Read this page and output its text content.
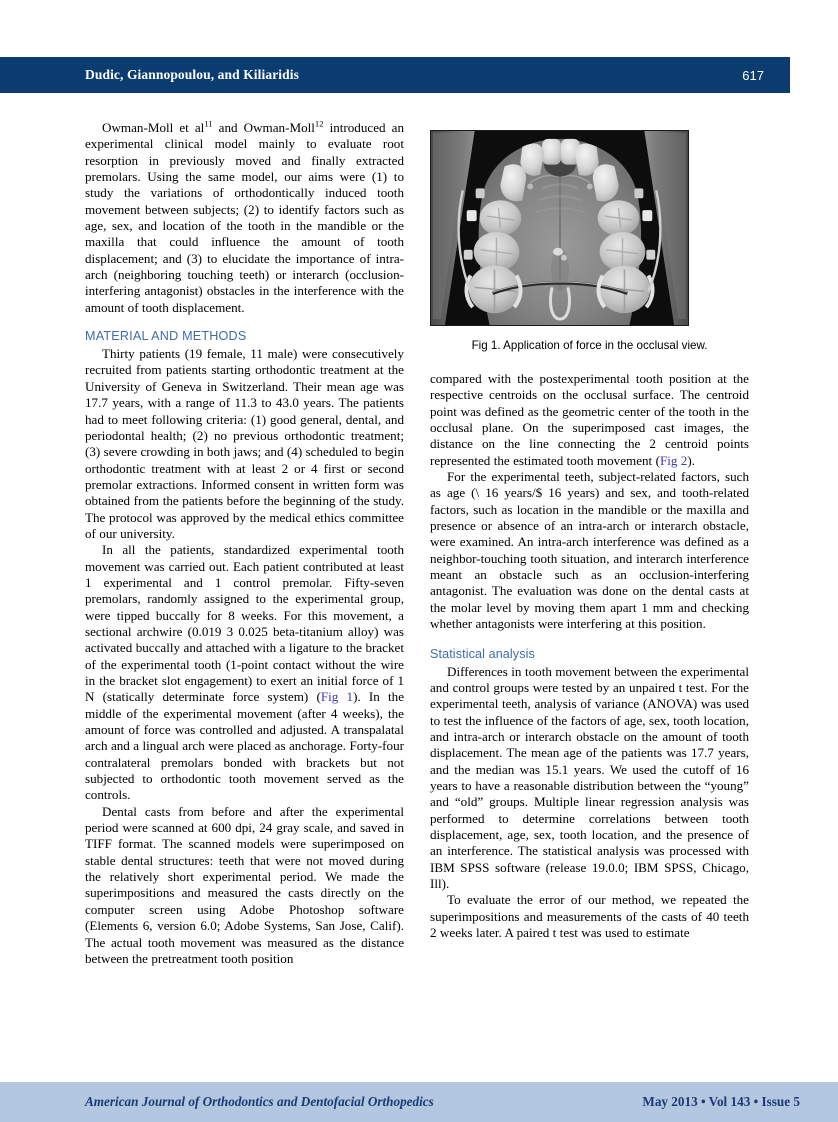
Dudic, Giannopoulou, and Kiliaridis	617

Owman-Moll et $al^{11}$ and Owman-Moll$^{12}$ introduced an experimental clinical model mainly to evaluate root resorption in previously moved and finally extracted premolars. Using the same model, our aims were (1) to study the variations of orthodontically induced tooth movement between subjects; (2) to identify factors such as age, sex, and location of the tooth in the mandible or the maxilla that could influence the amount of tooth displacement; and (3) to elucidate the importance of intra-arch (neighboring touching teeth) or interarch (occlusion-interfering antagonist) obstacles in the interference with the amount of tooth displacement.

MATERIAL AND METHODS

Thirty patients (19 female, 11 male) were consecutively recruited from patients starting orthodontic treatment at the University of Geneva in Switzerland. Their mean age was 17.7 years, with a range of 11.3 to 43.0 years. The patients had to meet following criteria: (1) good general, dental, and periodontal health; (2) no previous orthodontic treatment; (3) severe crowding in both jaws; and (4) scheduled to begin orthodontic treatment with at least 2 or 4 first or second premolar extractions. Informed consent in written form was obtained from the patients before the beginning of the study. The protocol was approved by the medical ethics committee of our university.

In all the patients, standardized experimental tooth movement was carried out. Each patient contributed at least 1 experimental and 1 control premolar. Fifty-seven premolars, randomly assigned to the experimental group, were tipped buccally for 8 weeks. For this movement, a sectional archwire (0.019 3 0.025 beta-titanium alloy) was activated buccally and attached with a ligature to the bracket of the experimental tooth (1-point contact without the wire in the bracket slot engagement) to exert an initial force of 1 N (statically determinate force system) (Fig 1). In the middle of the experimental movement (after 4 weeks), the amount of force was controlled and adjusted. A transpalatal arch and a lingual arch were placed as anchorage. Forty-four contralateral premolars bonded with brackets but not subjected to orthodontic tooth movement served as the controls.

Dental casts from before and after the experimental period were scanned at 600 dpi, 24 gray scale, and saved in TIFF format. The scanned models were superimposed on stable dental structures: teeth that were not moved during the relatively short experimental period. We made the superimpositions and measured the casts directly on the computer screen using Adobe Photoshop software (Elements 6, version 6.0; Adobe Systems, San Jose, Calif). The actual tooth movement was measured as the distance between the pretreatment tooth position

Fig 1. Application of force in the occlusal view.

compared with the postexperimental tooth position at the respective centroids on the occlusal surface. The centroid point was defined as the geometric center of the tooth in the occlusal plane. On the superimposed cast images, the distance on the line connecting the 2 centroid points represented the estimated tooth movement (Fig 2).

For the experimental teeth, subject-related factors, such as age (\ 16 years/$ 16 years) and sex, and tooth-related factors, such as location in the mandible or the maxilla and presence or absence of an intra-arch or interarch obstacle, were examined. An intra-arch interference was defined as a neighbor-touching tooth situation, and interarch interference meant an obstacle such as an occlusion-interfering antagonist. The evaluation was done on the dental casts at the molar level by moving them apart 1 mm and checking whether antagonists were interfering at this position.

Statistical analysis

Differences in tooth movement between the experimental and control groups were tested by an unpaired t test. For the experimental teeth, analysis of variance (ANOVA) was used to test the influence of the factors of age, sex, tooth location, and intra-arch or interarch obstacle on the amount of tooth displacement. The mean age of the patients was 17.7 years, and the median was 15.1 years. We used the cutoff of 16 years to have a reasonable distribution between the “young” and “old” groups. Multiple linear regression analysis was performed to determine correlations between tooth displacement, age, sex, tooth location, and the presence of an interference. The statistical analysis was processed with IBM SPSS software (release 19.0.0; IBM SPSS, Chicago, Ill).

To evaluate the error of our method, we repeated the superimpositions and measurements of the casts of 40 teeth 2 weeks later. A paired t test was used to estimate

American Journal of Orthodontics and Dentofacial Orthopedics	May 2013 • Vol 143 • Issue 5
